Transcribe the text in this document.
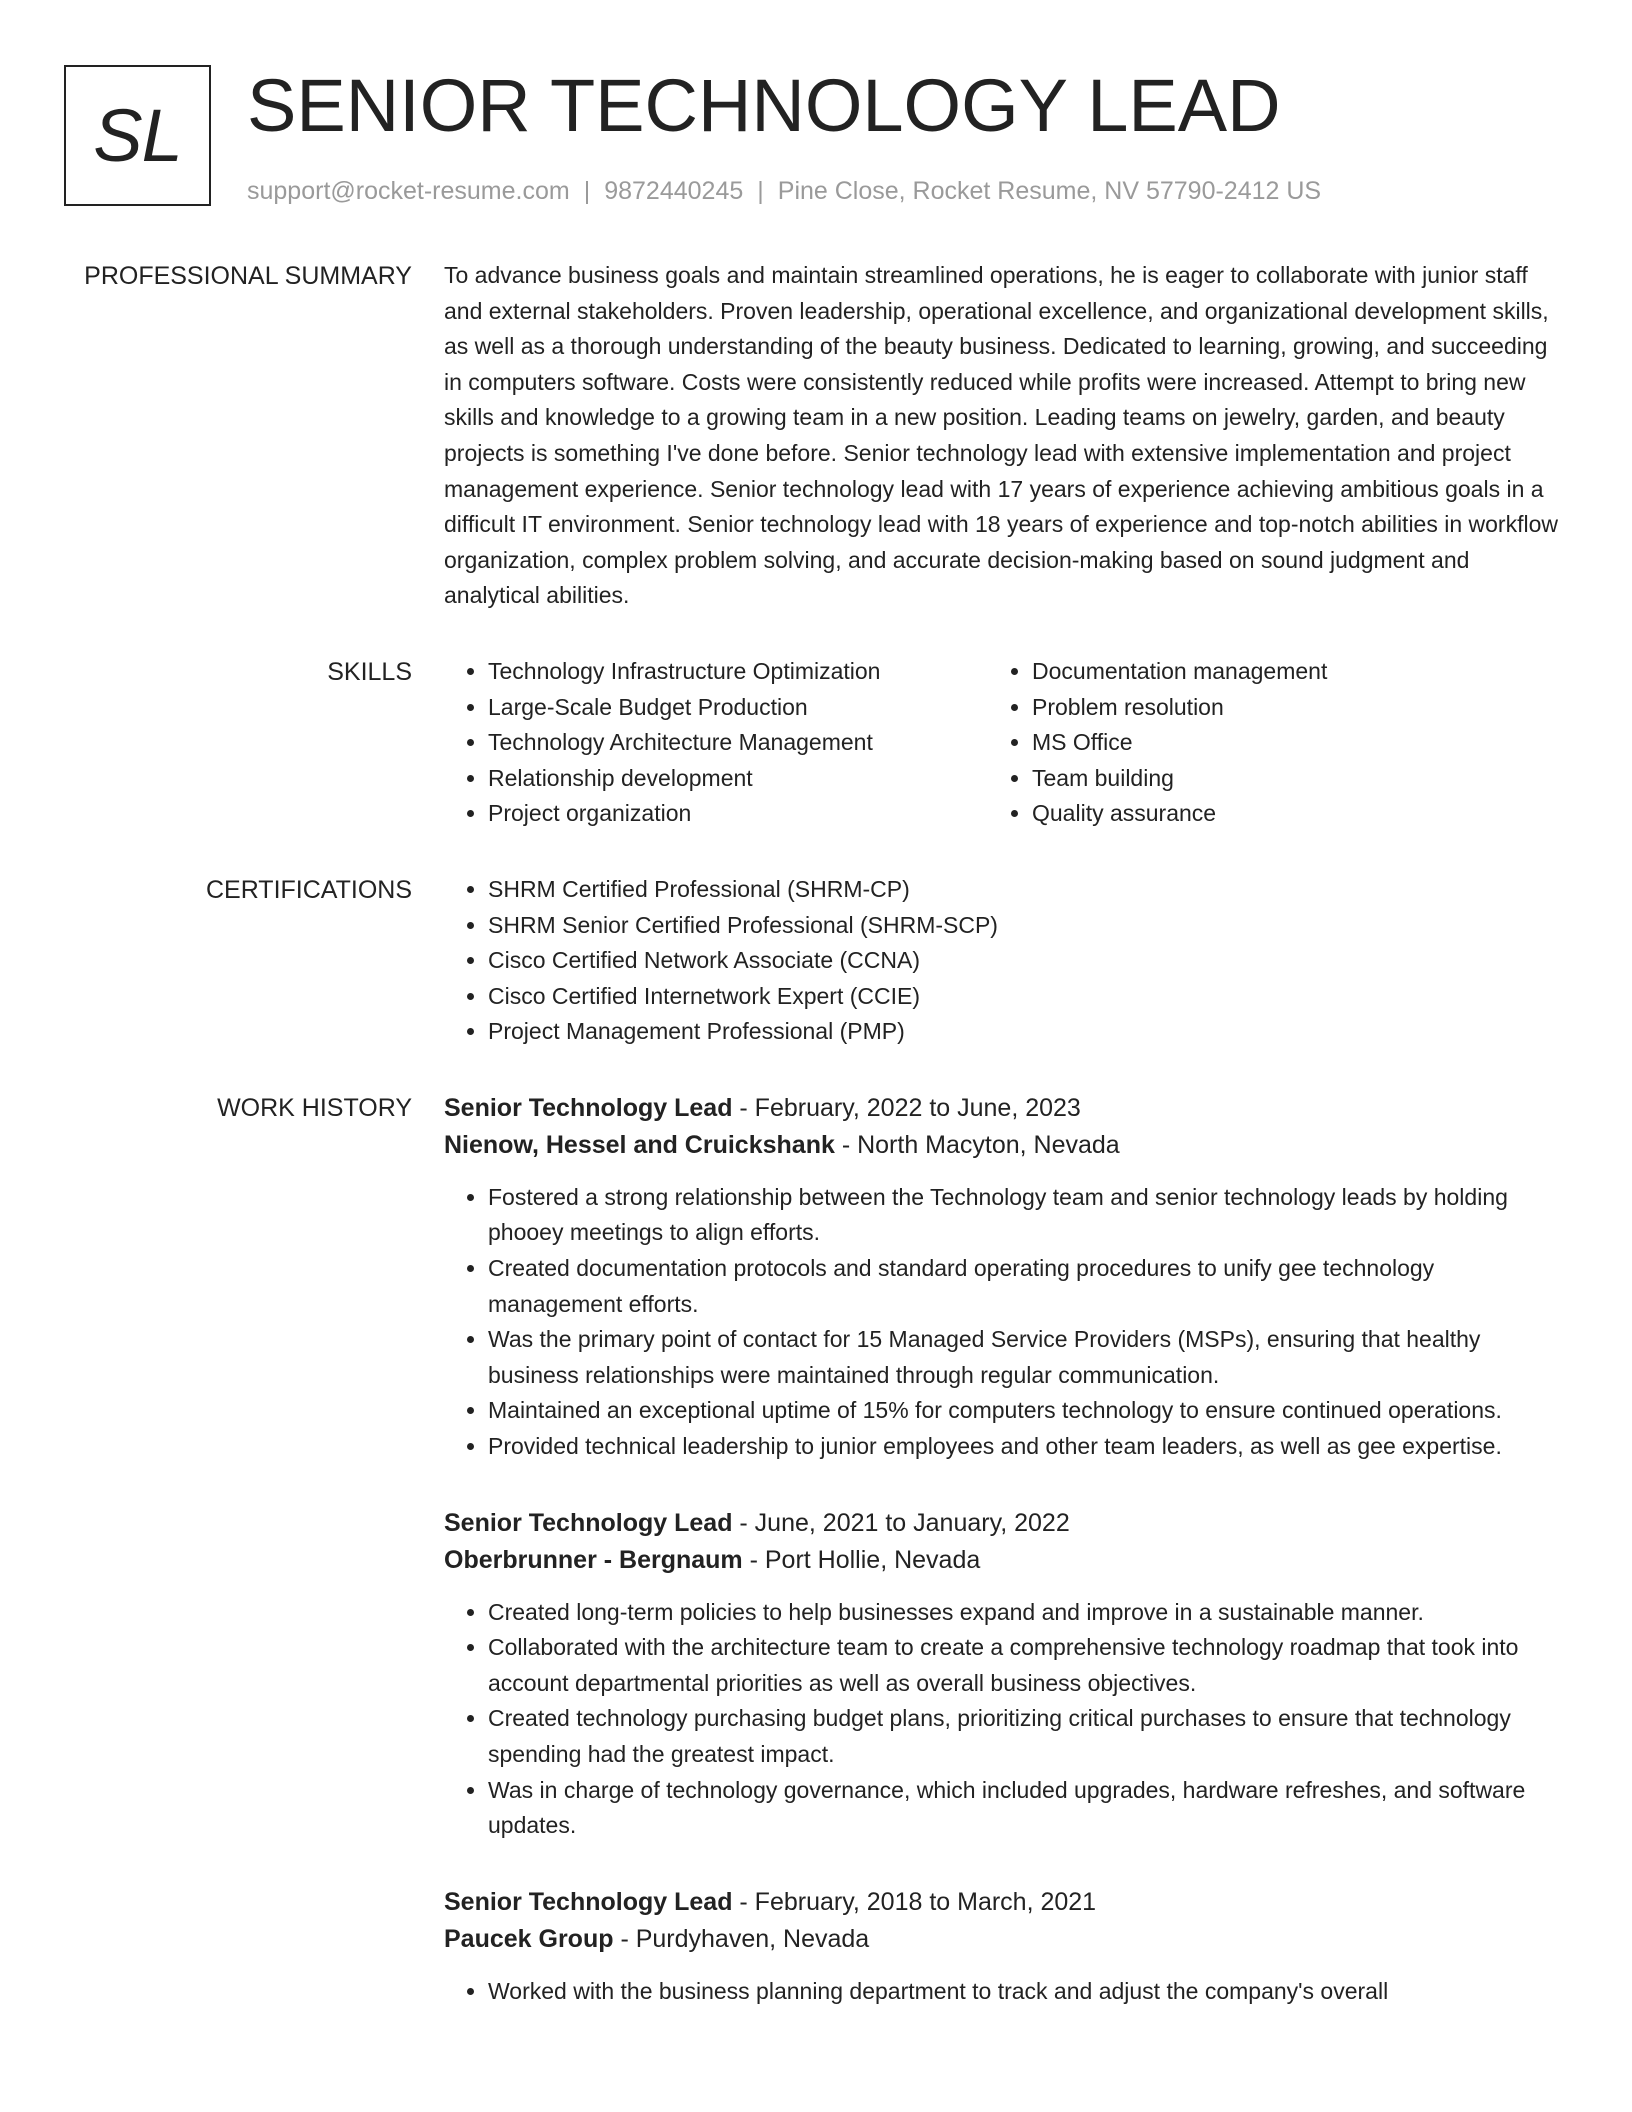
SL SENIOR TECHNOLOGY LEAD
support@rocket-resume.com | 9872440245 | Pine Close, Rocket Resume, NV 57790-2412 US
PROFESSIONAL SUMMARY To advance business goals and maintain streamlined operations, he is eager to collaborate with junior staff and external stakeholders. Proven leadership, operational excellence, and organizational development skills, as well as a thorough understanding of the beauty business. Dedicated to learning, growing, and succeeding in computers software. Costs were consistently reduced while profits were increased. Attempt to bring new skills and knowledge to a growing team in a new position. Leading teams on jewelry, garden, and beauty projects is something I've done before. Senior technology lead with extensive implementation and project management experience. Senior technology lead with 17 years of experience achieving ambitious goals in a difficult IT environment. Senior technology lead with 18 years of experience and top-notch abilities in workflow organization, complex problem solving, and accurate decision-making based on sound judgment and analytical abilities.

SKILLS	• Technology Infrastructure Optimization
• Large-Scale Budget Production
• Technology Architecture Management
• Relationship development
• Project organization
• Documentation management
• Problem resolution
• MS Office
• Team building
• Quality assurance
CERTIFICATIONS	• SHRM Certified Professional (SHRM-CP)
• SHRM Senior Certified Professional (SHRM-SCP)
• Cisco Certified Network Associate (CCNA)
• Cisco Certified Internetwork Expert (CCIE)
• Project Management Professional (PMP)
WORK HISTORY Senior Technology Lead - February, 2022 to June, 2023
Nienow, Hessel and Cruickshank - North Macyton, Nevada
• Fostered a strong relationship between the Technology team and senior technology leads by holding phooey meetings to align efforts.
• Created documentation protocols and standard operating procedures to unify gee technology management efforts.
• Was the primary point of contact for 15 Managed Service Providers (MSPs), ensuring that healthy business relationships were maintained through regular communication.
• Maintained an exceptional uptime of 15% for computers technology to ensure continued operations.
• Provided technical leadership to junior employees and other team leaders, as well as gee expertise.
Senior Technology Lead - June, 2021 to January, 2022
Oberbrunner - Bergnaum - Port Hollie, Nevada
• Created long-term policies to help businesses expand and improve in a sustainable manner.
• Collaborated with the architecture team to create a comprehensive technology roadmap that took into account departmental priorities as well as overall business objectives.
• Created technology purchasing budget plans, prioritizing critical purchases to ensure that technology spending had the greatest impact.
• Was in charge of technology governance, which included upgrades, hardware refreshes, and software updates.
Senior Technology Lead - February, 2018 to March, 2021
Paucek Group - Purdyhaven, Nevada
• Worked with the business planning department to track and adjust the company's overall
